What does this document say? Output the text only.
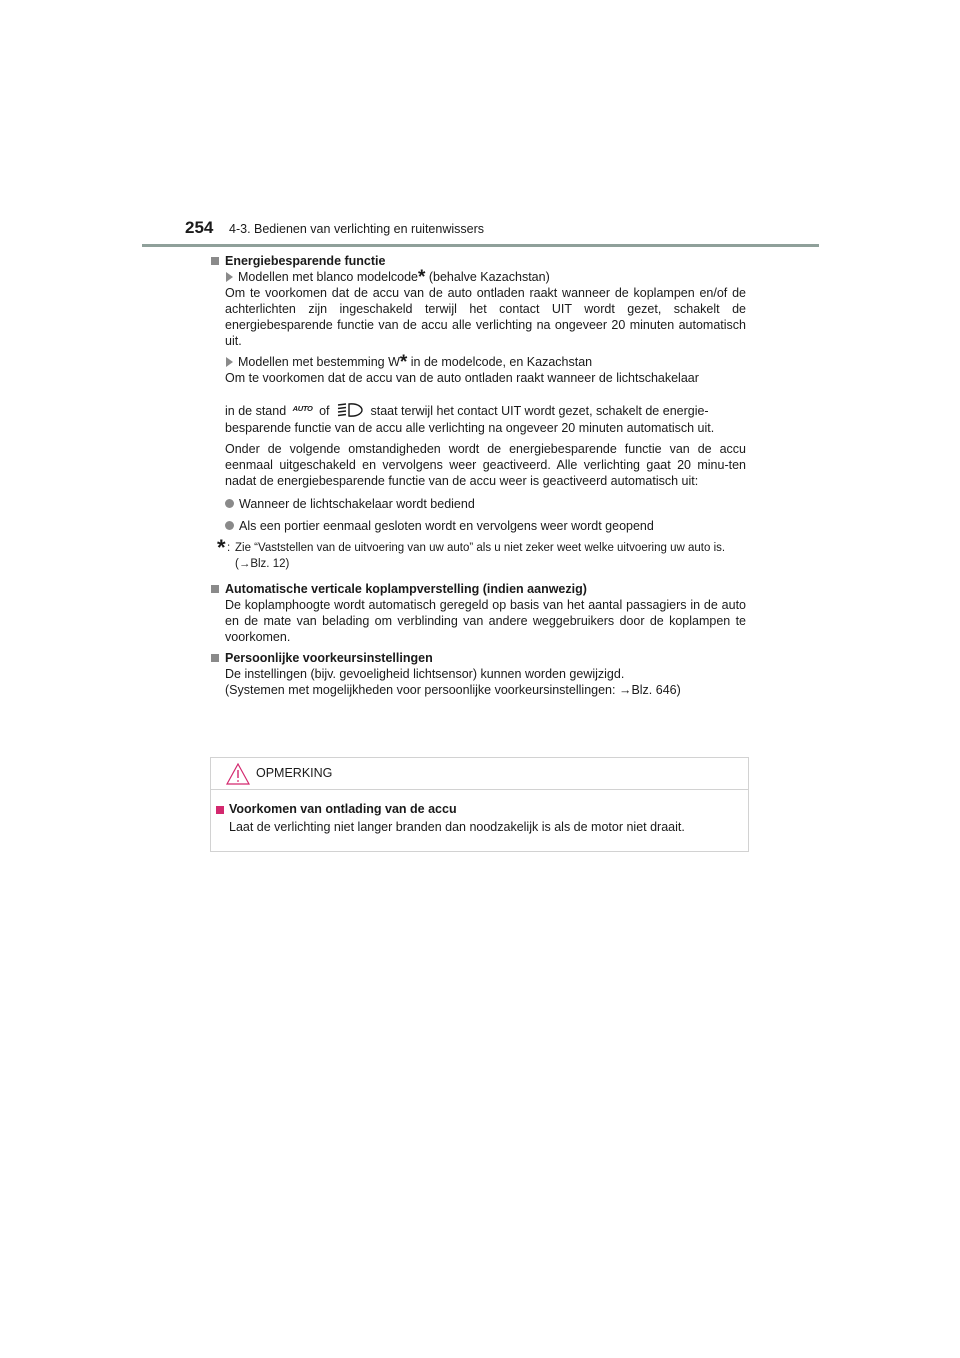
254 4-3. Bedienen van verlichting en ruitenwissers

Energiebesparende functie

Modellen met blanco modelcode* (behalve Kazachstan)

Om te voorkomen dat de accu van de auto ontladen raakt wanneer de koplampen en/of de achterlichten zijn ingeschakeld terwijl het contact UIT wordt gezet, schakelt de energiebesparende functie van de accu alle verlichting na ongeveer 20 minuten automatisch uit.

Modellen met bestemming W* in de modelcode, en Kazachstan

Om te voorkomen dat de accu van de auto ontladen raakt wanneer de lichtschakelaar

in de stand AUTO of	staat terwijl het contact UIT wordt gezet, schakelt de energie-

besparende functie van de accu alle verlichting na ongeveer 20 minuten automatisch uit.

Onder de volgende omstandigheden wordt de energiebesparende functie van de accu eenmaal uitgeschakeld en vervolgens weer geactiveerd. Alle verlichting gaat 20 minu-ten nadat de energiebesparende functie van de accu weer is geactiveerd automatisch uit:

Wanneer de lichtschakelaar wordt bediend

Als een portier eenmaal gesloten wordt en vervolgens weer wordt geopend

* : Zie “Vaststellen van de uitvoering van uw auto” als u niet zeker weet welke uitvoering uw auto is. (→Blz. 12)

Automatische verticale koplampverstelling (indien aanwezig)

De koplamphoogte wordt automatisch geregeld op basis van het aantal passagiers in de auto en de mate van belading om verblinding van andere weggebruikers door de koplampen te voorkomen.

Persoonlijke voorkeursinstellingen

De instellingen (bijv. gevoeligheid lichtsensor) kunnen worden gewijzigd.

(Systemen met mogelijkheden voor persoonlijke voorkeursinstellingen: →Blz. 646)

OPMERKING

Voorkomen van ontlading van de accu

Laat de verlichting niet langer branden dan noodzakelijk is als de motor niet draait.
